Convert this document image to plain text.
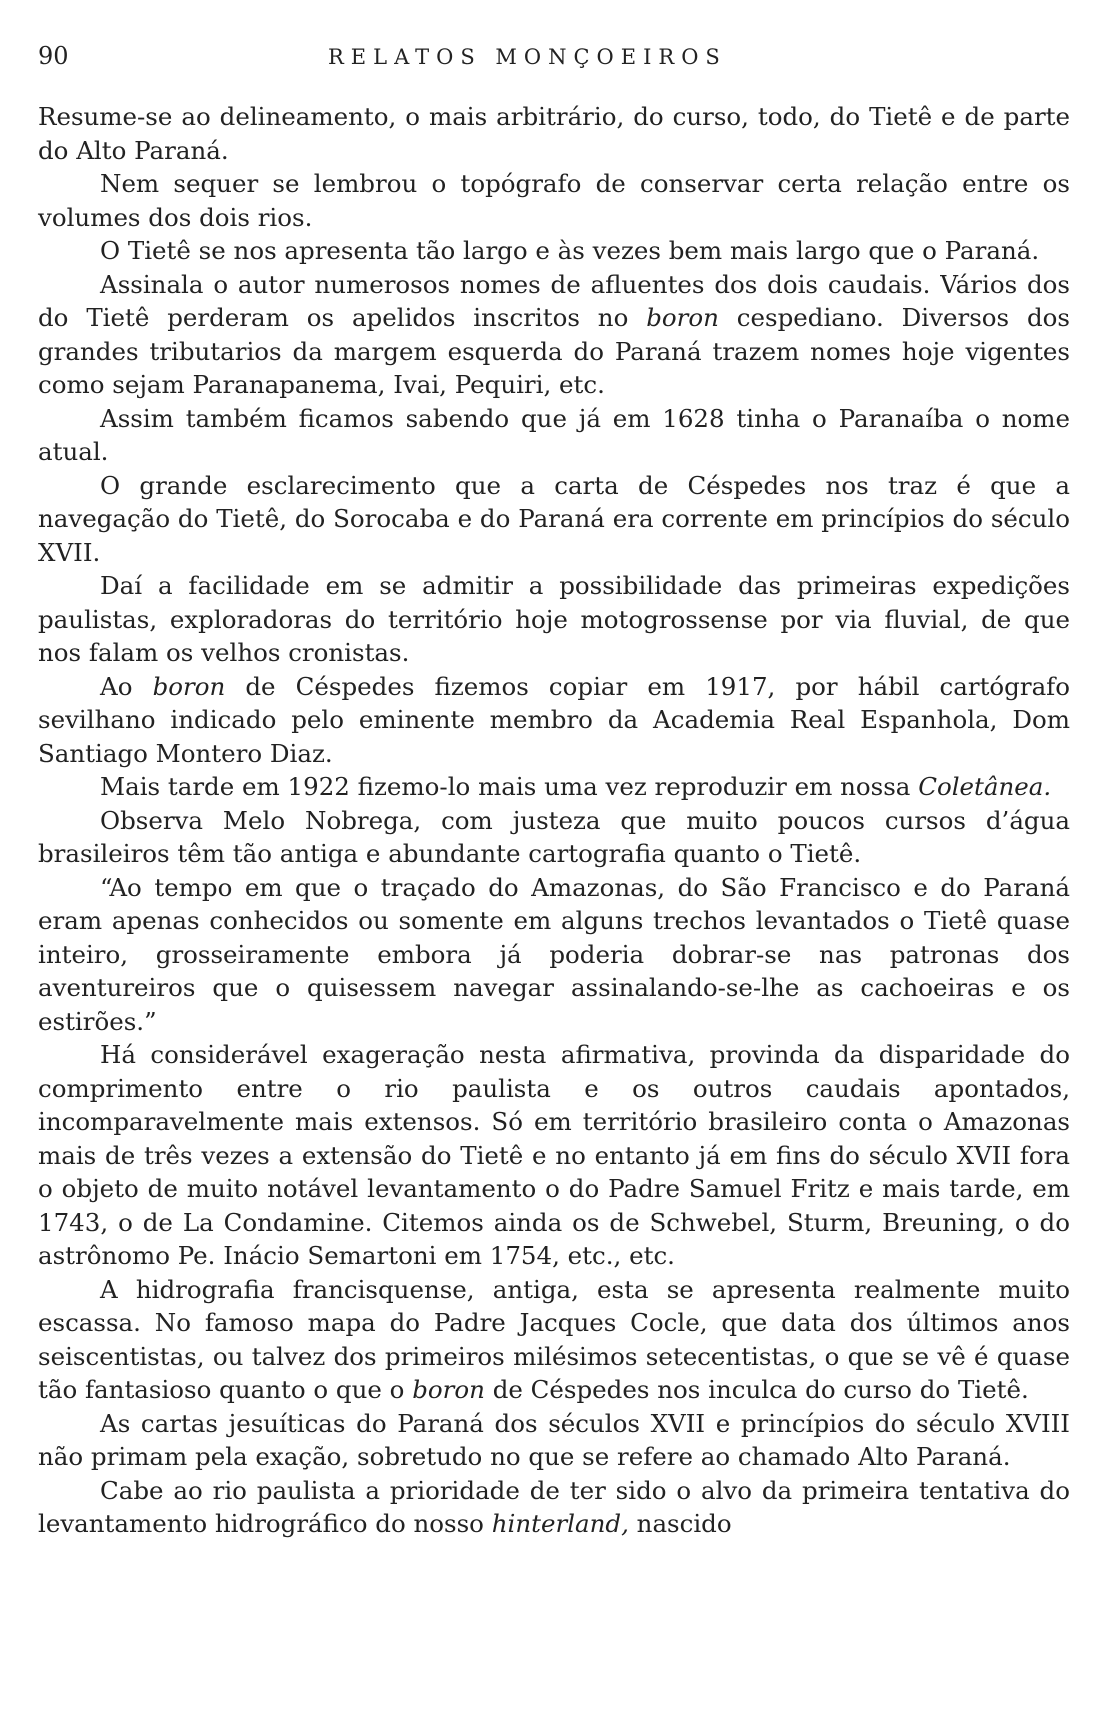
90	RELATOS MONÇOEIROS

Resume-se ao delineamento, o mais arbitrário, do curso, todo, do Tietê e de parte do Alto Paraná.

Nem sequer se lembrou o topógrafo de conservar certa relação entre os volumes dos dois rios.

O Tietê se nos apresenta tão largo e às vezes bem mais largo que o Paraná.

Assinala o autor numerosos nomes de afluentes dos dois caudais. Vários dos do Tietê perderam os apelidos inscritos no boron cespediano. Diversos dos grandes tributarios da margem esquerda do Paraná trazem nomes hoje vigentes como sejam Paranapanema, Ivai, Pequiri, etc.

Assim também ficamos sabendo que já em 1628 tinha o Paranaíba o nome atual.

O grande esclarecimento que a carta de Céspedes nos traz é que a navegação do Tietê, do Sorocaba e do Paraná era corrente em princípios do século XVII.

Daí a facilidade em se admitir a possibilidade das primeiras expedições paulistas, exploradoras do território hoje motogrossense por via fluvial, de que nos falam os velhos cronistas.

Ao boron de Céspedes fizemos copiar em 1917, por hábil cartógrafo sevilhano indicado pelo eminente membro da Academia Real Espanhola, Dom Santiago Montero Diaz.

Mais tarde em 1922 fizemo-lo mais uma vez reproduzir em nossa Coletânea.

Observa Melo Nobrega, com justeza que muito poucos cursos d’água brasileiros têm tão antiga e abundante cartografia quanto o Tietê.

“Ao tempo em que o traçado do Amazonas, do São Francisco e do Paraná eram apenas conhecidos ou somente em alguns trechos levantados o Tietê quase inteiro, grosseiramente embora já poderia dobrar-se nas patronas dos aventureiros que o quisessem navegar assinalando-se-lhe as cachoeiras e os estirões.”

Há considerável exageração nesta afirmativa, provinda da disparidade do comprimento entre o rio paulista e os outros caudais apontados, incomparavelmente mais extensos. Só em território brasileiro conta o Amazonas mais de três vezes a extensão do Tietê e no entanto já em fins do século XVII fora o objeto de muito notável levantamento o do Padre Samuel Fritz e mais tarde, em 1743, o de La Condamine. Citemos ainda os de Schwebel, Sturm, Breuning, o do astrônomo Pe. Inácio Semartoni em 1754, etc., etc.

A hidrografia francisquense, antiga, esta se apresenta realmente muito escassa. No famoso mapa do Padre Jacques Cocle, que data dos últimos anos seiscentistas, ou talvez dos primeiros milésimos setecentistas, o que se vê é quase tão fantasioso quanto o que o boron de Céspedes nos inculca do curso do Tietê.

As cartas jesuíticas do Paraná dos séculos XVII e princípios do século XVIII não primam pela exação, sobretudo no que se refere ao chamado Alto Paraná.

Cabe ao rio paulista a prioridade de ter sido o alvo da primeira tentativa do levantamento hidrográfico do nosso hinterland, nascido
